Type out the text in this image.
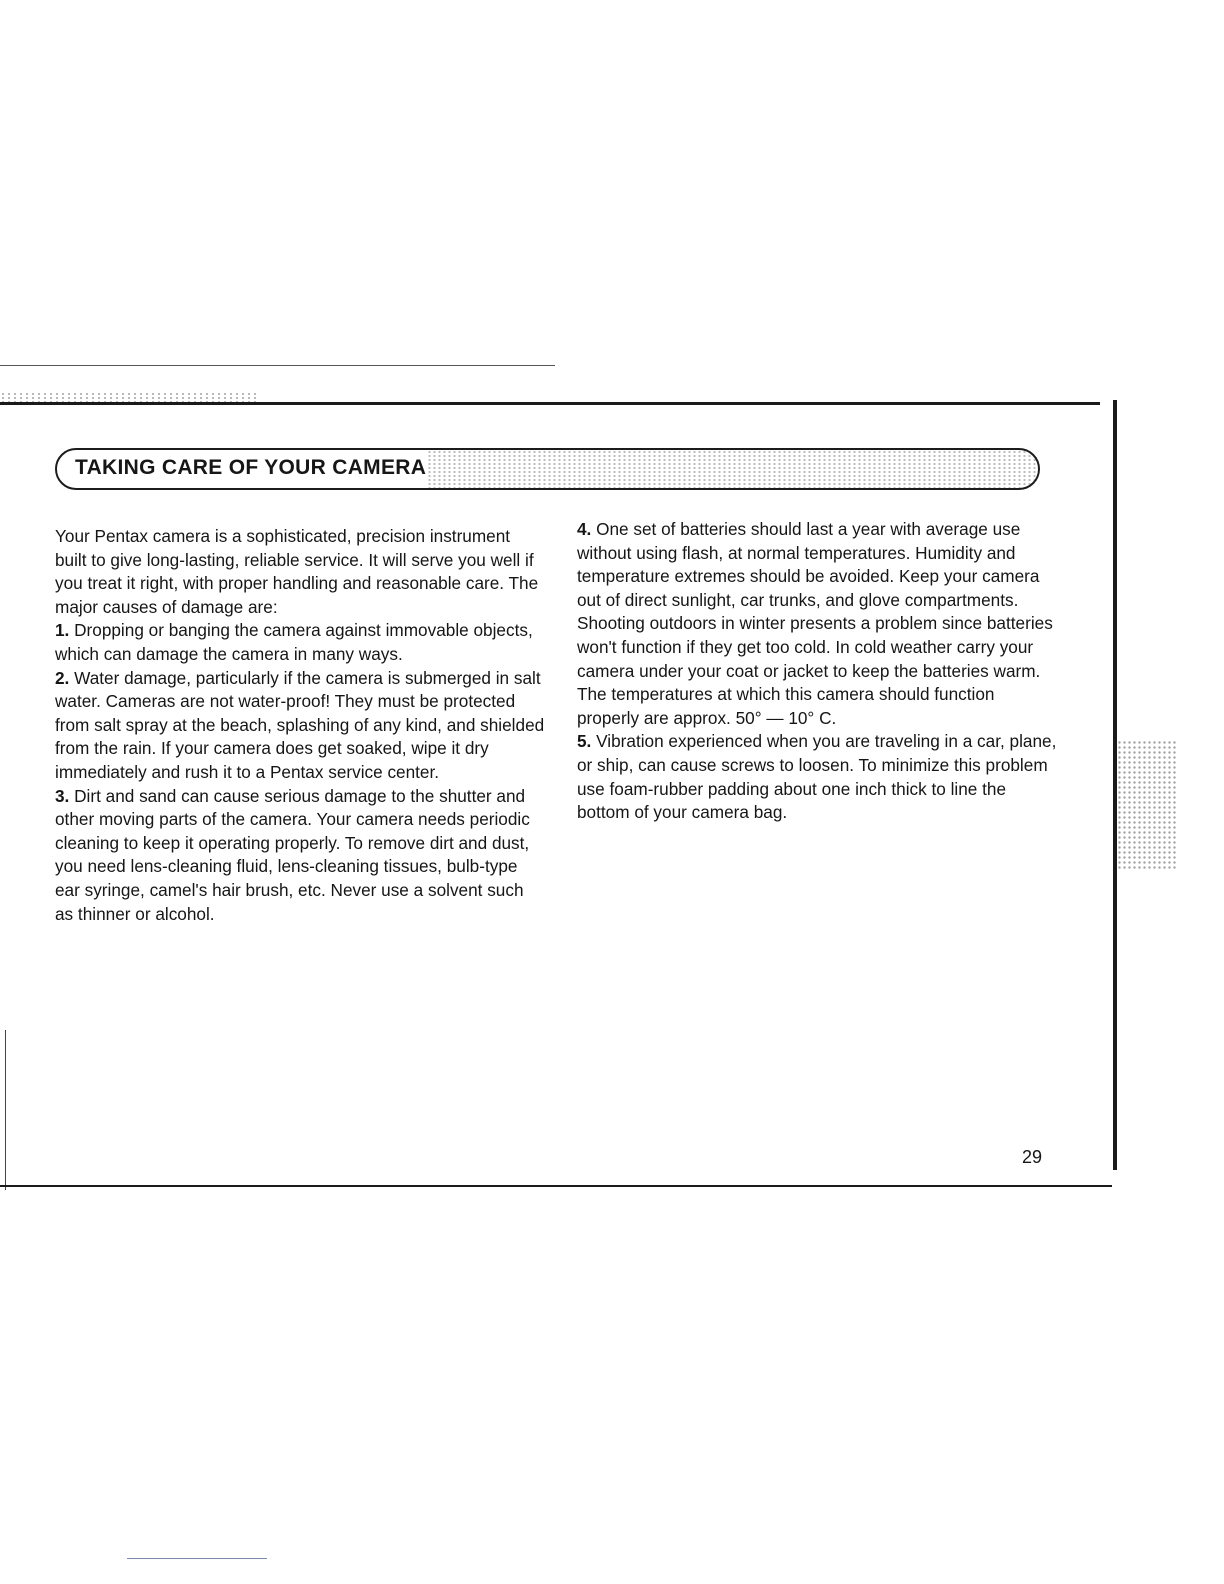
TAKING CARE OF YOUR CAMERA

Your Pentax camera is a sophisticated, precision instrument built to give long-lasting, reliable service. It will serve you well if you treat it right, with proper handling and reasonable care. The major causes of damage are:

1. Dropping or banging the camera against immovable objects, which can damage the camera in many ways.

2. Water damage, particularly if the camera is submerged in salt water. Cameras are not water-proof! They must be protected from salt spray at the beach, splashing of any kind, and shielded from the rain. If your camera does get soaked, wipe it dry immediately and rush it to a Pentax service center.

3. Dirt and sand can cause serious damage to the shutter and other moving parts of the camera. Your camera needs periodic cleaning to keep it operating properly. To remove dirt and dust, you need lens-cleaning fluid, lens-cleaning tissues, bulb-type ear syringe, camel's hair brush, etc. Never use a solvent such as thinner or alcohol.

4. One set of batteries should last a year with average use without using flash, at normal temperatures. Humidity and temperature extremes should be avoided. Keep your camera out of direct sunlight, car trunks, and glove compartments. Shooting outdoors in winter presents a problem since batteries won't function if they get too cold. In cold weather carry your camera under your coat or jacket to keep the batteries warm. The temperatures at which this camera should function properly are approx. 50° — 10° C.

5. Vibration experienced when you are traveling in a car, plane, or ship, can cause screws to loosen. To minimize this problem use foam-rubber padding about one inch thick to line the bottom of your camera bag.

29
